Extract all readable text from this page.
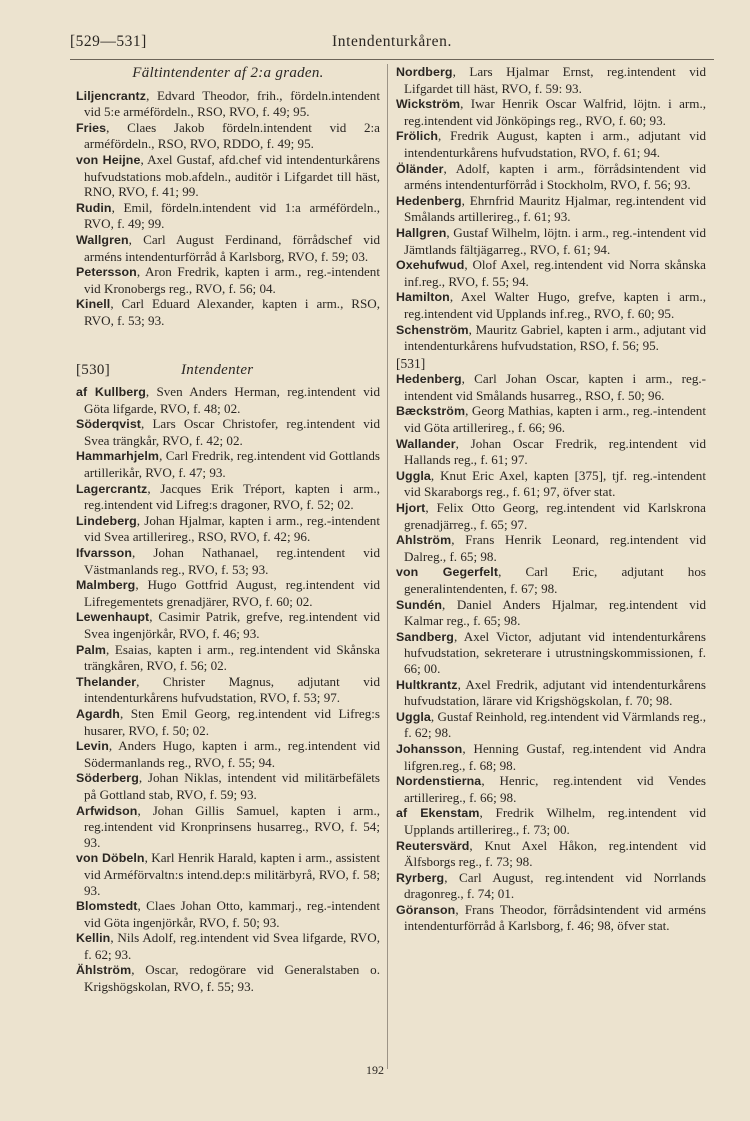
[529—531]	Intendenturkåren.
Fältintendenter af 2:a graden.

Liljencrantz, Edvard Theodor, frih., fördeln.intendent vid 5:e arméfördeln., RSO, RVO, f. 49; 95.

Fries, Claes Jakob fördeln.intendent vid 2:a arméfördeln., RSO, RVO, RDDO, f. 49; 95.

von Heijne, Axel Gustaf, afd.chef vid intendenturkårens hufvudstations mob.afdeln., auditör i Lifgardet till häst, RNO, RVO, f. 41; 99.

Rudin, Emil, fördeln.intendent vid 1:a arméfördeln., RVO, f. 49; 99.

Wallgren, Carl August Ferdinand, förrådschef vid arméns intendenturförråd å Karlsborg, RVO, f. 59; 03.

Petersson, Aron Fredrik, kapten i arm., reg.-intendent vid Kronobergs reg., RVO, f. 56; 04.

Kinell, Carl Eduard Alexander, kapten i arm., RSO, RVO, f. 53; 93.

[530]	Intendenter

af Kullberg, Sven Anders Herman, reg.intendent vid Göta lifgarde, RVO, f. 48; 02.

Söderqvist, Lars Oscar Christofer, reg.intendent vid Svea trängkår, RVO, f. 42; 02.

Hammarhjelm, Carl Fredrik, reg.intendent vid Gottlands artillerikår, RVO, f. 47; 93.

Lagercrantz, Jacques Erik Tréport, kapten i arm., reg.intendent vid Lifreg:s dragoner, RVO, f. 52; 02.

Lindeberg, Johan Hjalmar, kapten i arm., reg.-intendent vid Svea artillerireg., RSO, RVO, f. 42; 96.

Ifvarsson, Johan Nathanael, reg.intendent vid Västmanlands reg., RVO, f. 53; 93.

Malmberg, Hugo Gottfrid August, reg.intendent vid Lifregementets grenadjärer, RVO, f. 60; 02.

Lewenhaupt, Casimir Patrik, grefve, reg.intendent vid Svea ingenjörkår, RVO, f. 46; 93.

Palm, Esaias, kapten i arm., reg.intendent vid Skånska trängkåren, RVO, f. 56; 02.

Thelander, Christer Magnus, adjutant vid intendenturkårens hufvudstation, RVO, f. 53; 97.

Agardh, Sten Emil Georg, reg.intendent vid Lifreg:s husarer, RVO, f. 50; 02.

Levin, Anders Hugo, kapten i arm., reg.intendent vid Södermanlands reg., RVO, f. 55; 94.

Söderberg, Johan Niklas, intendent vid militärbefälets på Gottland stab, RVO, f. 59; 93.

Arfwidson, Johan Gillis Samuel, kapten i arm., reg.intendent vid Kronprinsens husarreg., RVO, f. 54; 93.

von Döbeln, Karl Henrik Harald, kapten i arm., assistent vid Arméförvaltn:s intend.dep:s militärbyrå, RVO, f. 58; 93.

Blomstedt, Claes Johan Otto, kammarj., reg.-intendent vid Göta ingenjörkår, RVO, f. 50; 93.

Kellin, Nils Adolf, reg.intendent vid Svea lifgarde, RVO, f. 62; 93.

Ählström, Oscar, redogörare vid Generalstaben o. Krigshögskolan, RVO, f. 55; 93.

Nordberg, Lars Hjalmar Ernst, reg.intendent vid Lifgardet till häst, RVO, f. 59: 93.

Wickström, Iwar Henrik Oscar Walfrid, löjtn. i arm., reg.intendent vid Jönköpings reg., RVO, f. 60; 93.

Frölich, Fredrik August, kapten i arm., adjutant vid intendenturkårens hufvudstation, RVO, f. 61; 94.

Öländer, Adolf, kapten i arm., förrådsintendent vid arméns intendenturförråd i Stockholm, RVO, f. 56; 93.

Hedenberg, Ehrnfrid Mauritz Hjalmar, reg.intendent vid Smålands artillerireg., f. 61; 93.

Hallgren, Gustaf Wilhelm, löjtn. i arm., reg.-intendent vid Jämtlands fältjägarreg., RVO, f. 61; 94.

Oxehufwud, Olof Axel, reg.intendent vid Norra skånska inf.reg., RVO, f. 55; 94.

Hamilton, Axel Walter Hugo, grefve, kapten i arm., reg.intendent vid Upplands inf.reg., RVO, f. 60; 95.

Schenström, Mauritz Gabriel, kapten i arm., adjutant vid intendenturkårens hufvudstation, RSO, f. 56; 95.

[531]

Hedenberg, Carl Johan Oscar, kapten i arm., reg.-intendent vid Smålands husarreg., RSO, f. 50; 96.

Bæckström, Georg Mathias, kapten i arm., reg.-intendent vid Göta artillerireg., f. 66; 96.

Wallander, Johan Oscar Fredrik, reg.intendent vid Hallands reg., f. 61; 97.

Uggla, Knut Eric Axel, kapten [375], tjf. reg.-intendent vid Skaraborgs reg., f. 61; 97, öfver stat.

Hjort, Felix Otto Georg, reg.intendent vid Karlskrona grenadjärreg., f. 65; 97.

Ahlström, Frans Henrik Leonard, reg.intendent vid Dalreg., f. 65; 98.

von Gegerfelt, Carl Eric, adjutant hos generalintendenten, f. 67; 98.

Sundén, Daniel Anders Hjalmar, reg.intendent vid Kalmar reg., f. 65; 98.

Sandberg, Axel Victor, adjutant vid intendenturkårens hufvudstation, sekreterare i utrustningskommissionen, f. 66; 00.

Hultkrantz, Axel Fredrik, adjutant vid intendenturkårens hufvudstation, lärare vid Krigshögskolan, f. 70; 98.

Uggla, Gustaf Reinhold, reg.intendent vid Värmlands reg., f. 62; 98.

Johansson, Henning Gustaf, reg.intendent vid Andra lifgren.reg., f. 68; 98.

Nordenstierna, Henric, reg.intendent vid Vendes artillerireg., f. 66; 98.

af Ekenstam, Fredrik Wilhelm, reg.intendent vid Upplands artillerireg., f. 73; 00.

Reutersvärd, Knut Axel Håkon, reg.intendent vid Älfsborgs reg., f. 73; 98.

Ryrberg, Carl August, reg.intendent vid Norrlands dragonreg., f. 74; 01.

Göranson, Frans Theodor, förrådsintendent vid arméns intendenturförråd å Karlsborg, f. 46; 98, öfver stat.

192
